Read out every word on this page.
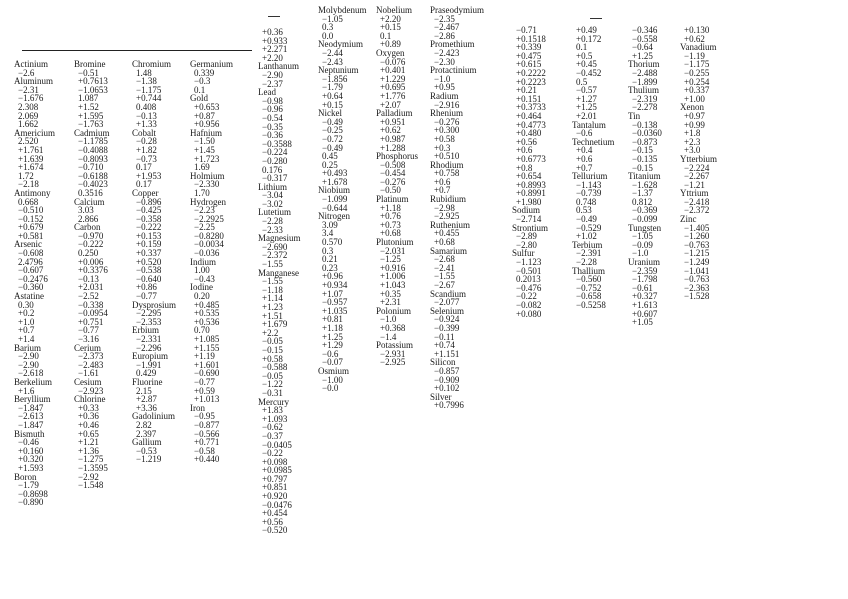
Actinium
−2.6
Aluminum
−2.31
−1.676
2.308
2.069
1.662
Americium
2.520
+1.761
+1.639
+1.674
1.72
−2.18
Antimony
0.668
−0.510
−0.152
+0.679
+0.581
Arsenic
−0.608
2.4796
−0.607
−0.2476
−0.360
Astatine
0.30
+0.2
+1.0
+0.7
+1.4
Barium
−2.90
−2.90
−2.618
Berkelium
+1.6
Beryllium
−1.847
−2.613
−1.847
Bismuth
−0.46
+0.160
+0.320
+1.593
Boron
−1.79
−0.8698
−0.890
Bromine
−0.51
+0.7613
−1.0653
1.087
+1.52
+1.595
−1.763
Cadmium
−1.1785
−0.4088
−0.8093
−0.710
−0.6188
−0.4023
0.3516
Calcium
3.03
2.866
Carbon
−0.970
−0.222
0.250
+0.006
+0.3376
−0.13
+2.031
−2.52
−0.338
−0.0954
+0.751
−0.77
−3.16
Cerium
−2.373
−2.483
−1.61
Cesium
−2.923
Chlorine
+0.33
+0.36
+0.46
+0.65
+1.21
+1.36
−1.275
−1.3595
−2.92
−1.548
Chromium
1.48
−1.38
−1.175
+0.744
0.408
−0.13
+1.33
Cobalt
−0.28
+1.82
−0.73
0.17
+1.953
0.17
Copper
−0.896
−0.425
−0.358
−0.222
+0.153
+0.159
+0.337
+0.520
−0.538
−0.640
+0.86
−0.77
Dysprosium
−2.295
−2.353
Erbium
−2.331
−2.296
Europium
−1.991
0.429
Fluorine
2.15
+2.87
+3.36
Gadolinium
2.82
2.397
Gallium
−0.53
−1.219
Germanium
0.339
−0.3
0.1
Gold
+0.653
+0.87
+0.956
Hafnium
−1.50
+1.45
+1.723
1.69
Holmium
−2.330
1.70
Hydrogen
−2.23
−2.2925
−2.25
−0.8280
−0.0034
−0.036
Indium
1.00
−0.43
Iodine
0.20
+0.485
+0.535
+0.536
0.70
+1.085
+1.155
+1.19
+1.601
−0.690
−0.77
+0.59
+1.013
Iron
−0.95
−0.877
−0.566
+0.771
−0.58
+0.440
+0.36
+0.933
+2.271
+2.20
Lanthanum
−2.90
−2.37
Lead
−0.98
−0.96
−0.54
−0.35
−0.36
−0.3588
−0.224
−0.280
0.176
−0.317
Lithium
−3.04
−3.02
Lutetium
−2.28
−2.33
Magnesium
−2.690
−2.372
−1.55
Manganese
−1.55
−1.18
+1.14
+1.23
+1.51
+1.679
+2.2
−0.05
−0.15
+0.58
−0.588
−0.05
−1.22
−0.31
Mercury
+1.83
+1.093
−0.62
−0.37
−0.0405
−0.22
+0.098
+0.0985
+0.797
+0.851
+0.920
−0.0476
+0.454
+0.56
−0.520
Molybdenum
−1.05
0.3
0.0
Neodymium
−2.44
−2.43
Neptunium
−1.856
−1.79
+0.64
+0.15
Nickel
−0.49
−0.25
−0.72
−0.49
0.45
0.25
+0.493
+1.678
Niobium
−1.099
−0.644
Nitrogen
3.09
3.4
0.570
0.3
0.21
0.23
+0.96
+0.934
+1.07
−0.957
+1.035
+0.81
+1.18
+1.25
+1.29
−0.6
−0.07
Osmium
−1.00
−0.0
Nobelium
+2.20
+0.15
0.1
+0.89
Oxygen
−0.076
+0.401
+1.229
+0.695
+1.776
+2.07
Palladium
+0.951
+0.62
+0.987
+1.288
Phosphorus
−0.508
−0.454
−0.276
−0.50
Platinum
+1.18
+0.76
+0.73
+0.68
Plutonium
−2.031
−1.25
+0.916
+1.006
+1.043
+0.35
+2.31
Polonium
−1.0
+0.368
−1.4
Potassium
−2.931
−2.925
Praseodymium
−2.35
−2.467
−2.86
Promethium
−2.423
−2.30
Protactinium
−1.0
+0.95
Radium
−2.916
Rhenium
−0.276
+0.300
+0.58
+0.3
+0.510
Rhodium
+0.758
+0.6
+0.7
Rubidium
−2.98
−2.925
Ruthenium
+0.455
+0.68
Samarium
−2.68
−2.41
−1.55
−2.67
Scandium
−2.077
Selenium
−0.924
−0.399
−0.11
+0.74
+1.151
Silicon
−0.857
−0.909
+0.102
Silver
+0.7996
−0.71
+0.1518
+0.339
+0.475
+0.615
+0.2222
+0.2223
+0.21
+0.151
+0.3733
+0.464
+0.4773
+0.480
+0.56
+0.6
+0.6773
+0.8
+0.654
+0.8993
+0.8991
+1.980
Sodium
−2.714
Strontium
−2.89
−2.80
Sulfur
−1.123
−0.501
0.2013
−0.476
−0.22
−0.082
+0.080
+0.49
+0.172
0.1
+0.5
+0.45
−0.452
0.5
−0.57
+1.27
+1.25
+2.01
Tantalum
−0.6
Technetium
+0.4
+0.6
+0.7
Tellurium
−1.143
−0.739
0.748
0.53
−0.49
−0.529
+1.02
Terbium
−2.391
−2.28
Thallium
−0.560
−0.752
−0.658
−0.5258
−0.346
−0.558
−0.64
+1.25
Thorium
−2.488
−1.899
Thulium
−2.319
−2.278
Tin
−0.138
−0.0360
−0.873
−0.15
−0.135
−0.15
Titanium
−1.628
−1.37
0.812
−0.369
−0.099
Tungsten
−1.05
−0.09
−1.0
Uranium
−2.359
−1.798
−0.61
+0.327
+1.613
+0.607
+1.05
+0.130
+0.62
Vanadium
−1.19
−1.175
−0.255
+0.254
+0.337
+1.00
Xenon
+0.97
+0.99
+1.8
+2.3
+3.0
Ytterbium
−2.224
−2.267
−1.21
Yttrium
−2.418
−2.372
Zinc
−1.405
−1.260
−0.763
−1.215
−1.249
−1.041
−0.763
−2.363
−1.528
